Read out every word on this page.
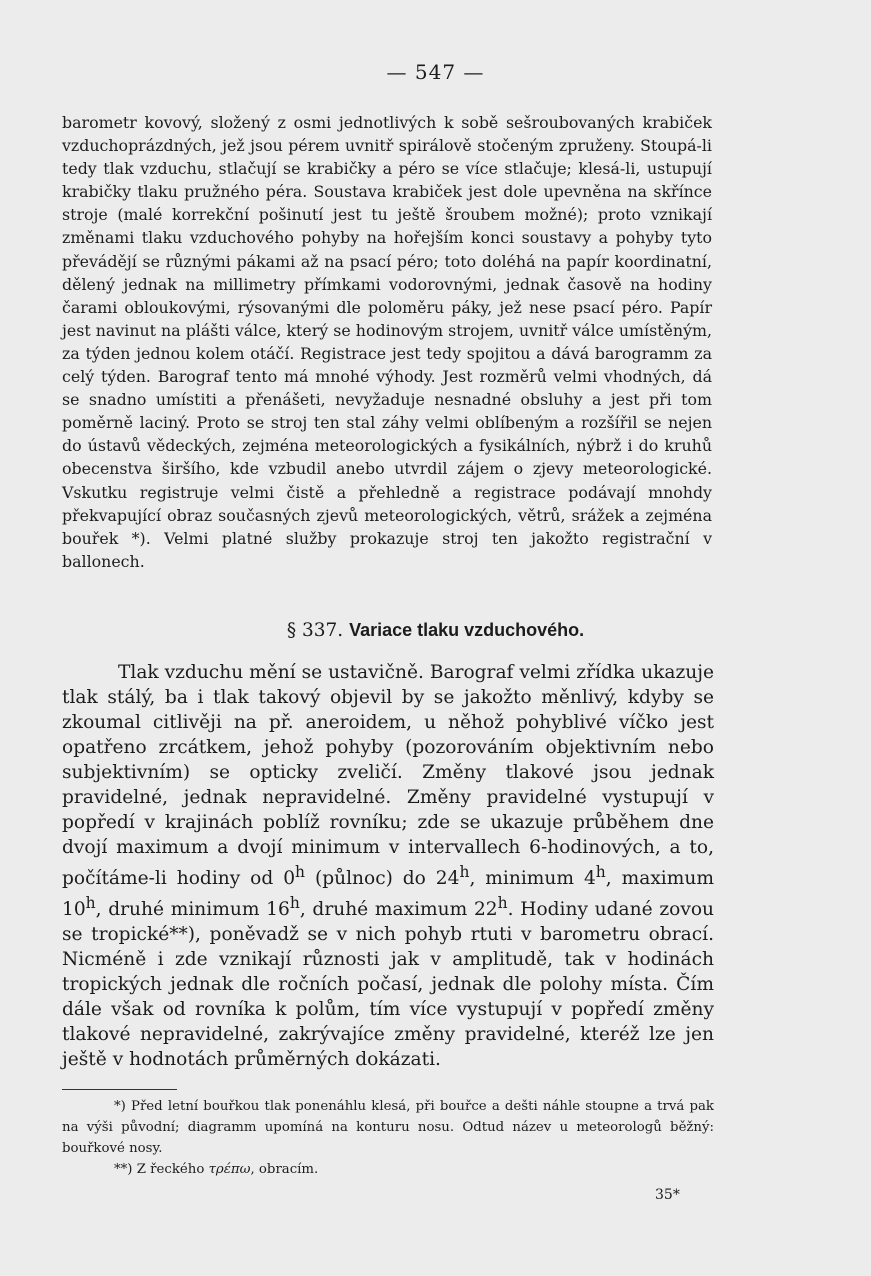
— 547 —

barometr kovový, složený z osmi jednotlivých k sobě sešroubovaných krabiček vzduchoprázdných, jež jsou pérem uvnitř spirálově stočeným zpruženy. Stoupá-li tedy tlak vzduchu, stlačují se krabičky a péro se více stlačuje; klesá-li, ustupují krabičky tlaku pružného péra. Soustava krabiček jest dole upevněna na skřínce stroje (malé korrekční pošinutí jest tu ještě šroubem možné); proto vznikají změnami tlaku vzduchového pohyby na hořejším konci soustavy a pohyby tyto převádějí se různými pákami až na psací péro; toto doléhá na papír koordinatní, dělený jednak na millimetry přímkami vodorovnými, jednak časově na hodiny čarami obloukovými, rýsovanými dle poloměru páky, jež nese psací péro. Papír jest navinut na plášti válce, který se hodinovým strojem, uvnitř válce umístěným, za týden jednou kolem otáčí. Registrace jest tedy spojitou a dává barogramm za celý týden. Barograf tento má mnohé výhody. Jest rozměrů velmi vhodných, dá se snadno umístiti a přenášeti, nevyžaduje nesnadné obsluhy a jest při tom poměrně laciný. Proto se stroj ten stal záhy velmi oblíbeným a rozšířil se nejen do ústavů vědeckých, zejména meteorologických a fysikálních, nýbrž i do kruhů obecenstva širšího, kde vzbudil anebo utvrdil zájem o zjevy meteorologické. Vskutku registruje velmi čistě a přehledně a registrace podávají mnohdy překvapující obraz současných zjevů meteorologických, větrů, srážek a zejména bouřek *). Velmi platné služby prokazuje stroj ten jakožto registrační v ballonech.

§ 337. Variace tlaku vzduchového.

Tlak vzduchu mění se ustavičně. Barograf velmi zřídka ukazuje tlak stálý, ba i tlak takový objevil by se jakožto měnlivý, kdyby se zkoumal citlivěji na př. aneroidem, u něhož pohyblivé víčko jest opatřeno zrcátkem, jehož pohyby (pozorováním objektivním nebo subjektivním) se opticky zveličí. Změny tlakové jsou jednak pravidelné, jednak nepravidelné. Změny pravidelné vystupují v popředí v krajinách poblíž rovníku; zde se ukazuje průběhem dne dvojí maximum a dvojí minimum v intervallech 6-hodinových, a to, počítáme-li hodiny od 0$^h$ (půlnoc) do 24$^h$, minimum 4$^h$, maximum 10$^h$, druhé minimum 16$^h$, druhé maximum 22$^h$. Hodiny udané zovou se tropické**), poněvadž se v nich pohyb rtuti v barometru obrací. Nicméně i zde vznikají různosti jak v amplitudě, tak v hodinách tropických jednak dle ročních počasí, jednak dle polohy místa. Čím dále však od rovníka k polům, tím více vystupují v popředí změny tlakové nepravidelné, zakrývajíce změny pravidelné, kteréž lze jen ještě v hodnotách průměrných dokázati.

*) Před letní bouřkou tlak ponenáhlu klesá, při bouřce a dešti náhle stoupne a trvá pak na výši původní; diagramm upomíná na konturu nosu. Odtud název u meteorologů běžný: bouřkové nosy.

**) Z řeckého τρέπω, obracím.

35*
